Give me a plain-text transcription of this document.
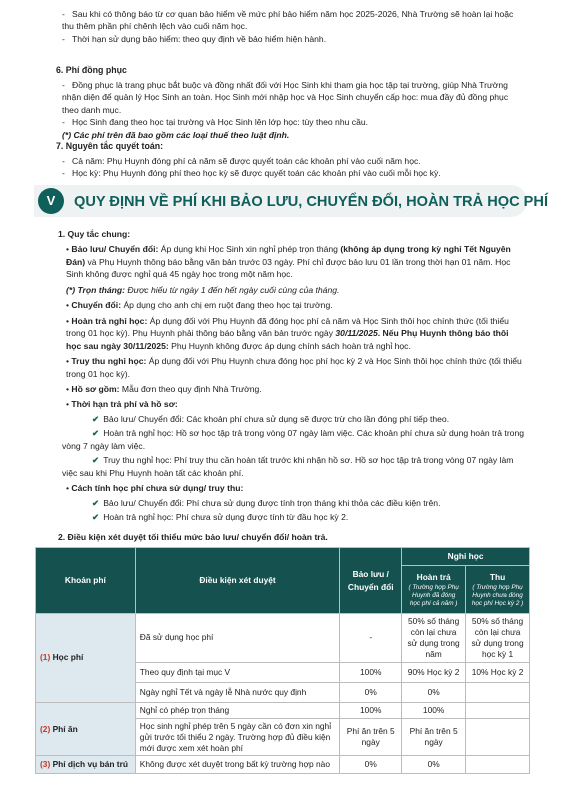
- Sau khi có thông báo từ cơ quan bảo hiểm về mức phí bảo hiểm năm học 2025-2026, Nhà Trường sẽ hoàn lại hoặc thu thêm phần phí chênh lệch vào cuối năm học.

- Thời hạn sử dụng bảo hiểm: theo quy định về bảo hiểm hiện hành.

6. Phí đồng phục

- Đồng phục là trang phục bắt buộc và đồng nhất đối với Học Sinh khi tham gia học tập tại trường, giúp Nhà Trường nhận diện để quản lý Học Sinh an toàn. Học Sinh mới nhập học và Học Sinh chuyển cấp học: mua đầy đủ đồng phục theo danh mục.

- Học Sinh đang theo học tại trường và Học Sinh lên lớp học: tùy theo nhu cầu.

(*) Các phí trên đã bao gồm các loại thuế theo luật định.

7. Nguyên tắc quyết toán:

- Cả năm: Phụ Huynh đóng phí cả năm sẽ được quyết toán các khoản phí vào cuối năm học.

- Học kỳ: Phụ Huynh đóng phí theo học kỳ sẽ được quyết toán các khoản phí vào cuối mỗi học kỳ.

V	QUY ĐỊNH VỀ PHÍ KHI BẢO LƯU, CHUYỂN ĐỔI, HOÀN TRẢ HỌC PHÍ

1. Quy tắc chung:

• Bảo lưu/ Chuyển đổi: Áp dụng khi Học Sinh xin nghỉ phép trọn tháng (không áp dụng trong kỳ nghỉ Tết Nguyên Đán) và Phụ Huynh thông báo bằng văn bản trước 03 ngày. Phí chỉ được bảo lưu 01 lần trong thời hạn 01 năm. Học Sinh không được nghỉ quá 45 ngày học trong một năm học.

(*) Trọn tháng: Được hiểu từ ngày 1 đến hết ngày cuối cùng của tháng.

• Chuyển đổi: Áp dụng cho anh chị em ruột đang theo học tại trường.

• Hoàn trả nghỉ học: Áp dụng đối với Phụ Huynh đã đóng học phí cả năm và Học Sinh thôi học chính thức (tối thiểu trong 01 học kỳ). Phụ Huynh phải thông báo bằng văn bản trước ngày 30/11/2025. Nếu Phụ Huynh thông báo thôi học sau ngày 30/11/2025: Phụ Huynh không được áp dụng chính sách hoàn trả nghỉ học.

• Truy thu nghỉ học: Áp dụng đối với Phụ Huynh chưa đóng học phí học kỳ 2 và Học Sinh thôi học chính thức (tối thiểu trong 01 học kỳ).

• Hồ sơ gồm: Mẫu đơn theo quy định Nhà Trường.

• Thời hạn trả phí và hồ sơ:

✔ Bảo lưu/ Chuyển đổi: Các khoản phí chưa sử dụng sẽ được trừ cho lần đóng phí tiếp theo.

✔ Hoàn trả nghỉ học: Hồ sơ học tập trả trong vòng 07 ngày làm việc. Các khoản phí chưa sử dụng hoàn trả trong vòng 7 ngày làm việc.

✔ Truy thu nghỉ học: Phí truy thu cần hoàn tất trước khi nhận hồ sơ. Hồ sơ học tập trả trong vòng 07 ngày làm việc sau khi Phụ Huynh hoàn tất các khoản phí.

• Cách tính học phí chưa sử dụng/ truy thu:

✔ Bảo lưu/ Chuyển đổi: Phí chưa sử dụng được tính trọn tháng khi thỏa các điều kiện trên.

✔ Hoàn trả nghỉ học: Phí chưa sử dụng được tính từ đầu học kỳ 2.

2. Điều kiện xét duyệt tối thiểu mức bảo lưu/ chuyển đổi/ hoàn trả.

Khoản phí	Điều kiện xét duyệt	Bảo lưu / Chuyển đổi	Nghỉ học	
			Hoàn trả
( Trường hợp Phụ Huynh đã đóng học phí cả năm )	Thu
( Trường hợp Phụ Huynh chưa đóng học phí Học kỳ 2 )

(1) Học phí	Đã sử dụng học phí	-	50% số tháng còn lại chưa sử dụng trong năm	50% số tháng còn lại chưa sử dụng trong học kỳ 1
	Theo quy định tại mục V	100%	90% Học kỳ 2	10% Học kỳ 2
	Ngày nghỉ Tết và ngày lễ Nhà nước quy định	0%	0%	
(2) Phí ăn	Nghỉ có phép trọn tháng	100%	100%	
	Học sinh nghỉ phép trên 5 ngày cần có đơn xin nghỉ gửi trước tối thiểu 2 ngày. Trường hợp đủ điều kiện mới được xem xét hoàn phí	Phí ăn trên 5 ngày	Phí ăn trên 5 ngày	
(3) Phí dịch vụ bán trú	Không được xét duyệt trong bất kỳ trường hợp nào	0%	0%	
